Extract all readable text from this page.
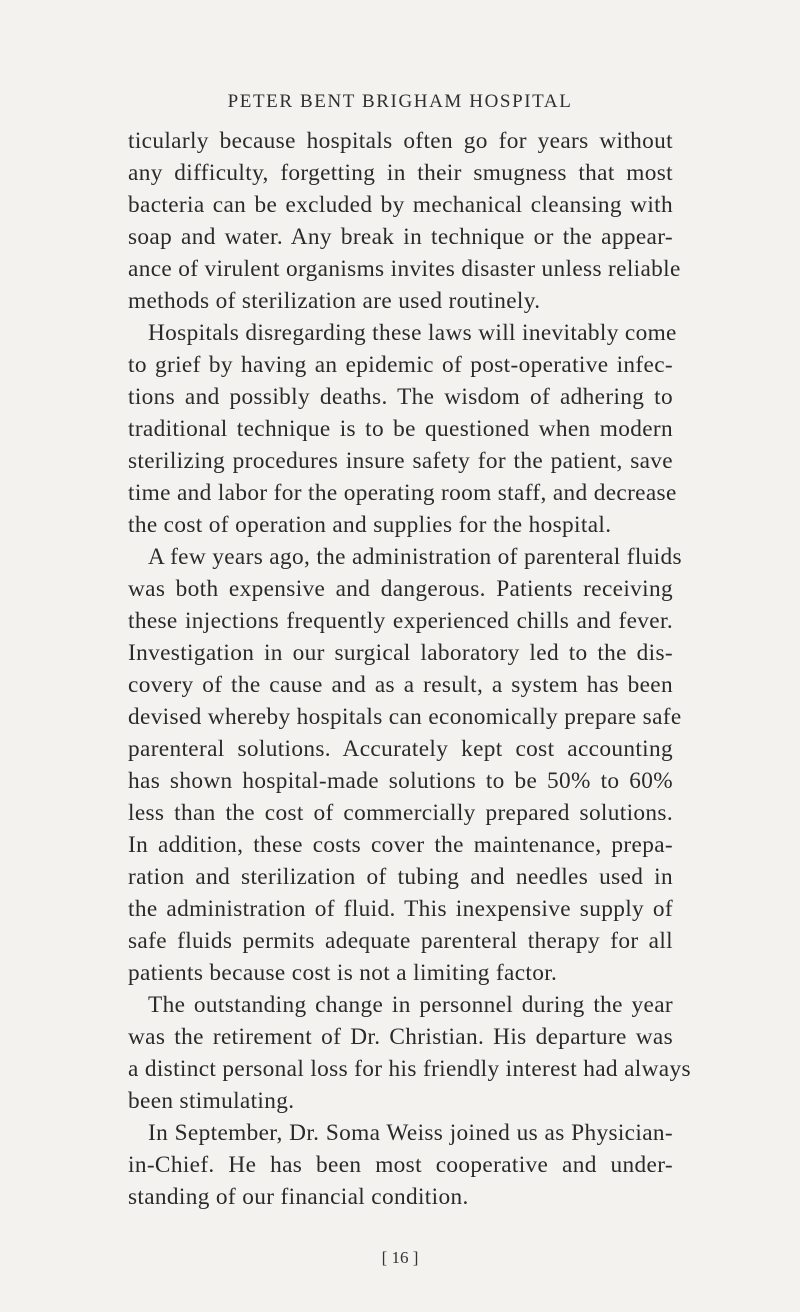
PETER BENT BRIGHAM HOSPITAL
ticularly because hospitals often go for years without
any difficulty, forgetting in their smugness that most
bacteria can be excluded by mechanical cleansing with
soap and water. Any break in technique or the appear-
ance of virulent organisms invites disaster unless reliable
methods of sterilization are used routinely.
Hospitals disregarding these laws will inevitably come
to grief by having an epidemic of post-operative infec-
tions and possibly deaths. The wisdom of adhering to
traditional technique is to be questioned when modern
sterilizing procedures insure safety for the patient, save
time and labor for the operating room staff, and decrease
the cost of operation and supplies for the hospital.
A few years ago, the administration of parenteral fluids
was both expensive and dangerous. Patients receiving
these injections frequently experienced chills and fever.
Investigation in our surgical laboratory led to the dis-
covery of the cause and as a result, a system has been
devised whereby hospitals can economically prepare safe
parenteral solutions. Accurately kept cost accounting
has shown hospital-made solutions to be 50% to 60%
less than the cost of commercially prepared solutions.
In addition, these costs cover the maintenance, prepa-
ration and sterilization of tubing and needles used in
the administration of fluid. This inexpensive supply of
safe fluids permits adequate parenteral therapy for all
patients because cost is not a limiting factor.
The outstanding change in personnel during the year
was the retirement of Dr. Christian. His departure was
a distinct personal loss for his friendly interest had always
been stimulating.
In September, Dr. Soma Weiss joined us as Physician-
in-Chief. He has been most cooperative and under-
standing of our financial condition.
[ 16 ]
